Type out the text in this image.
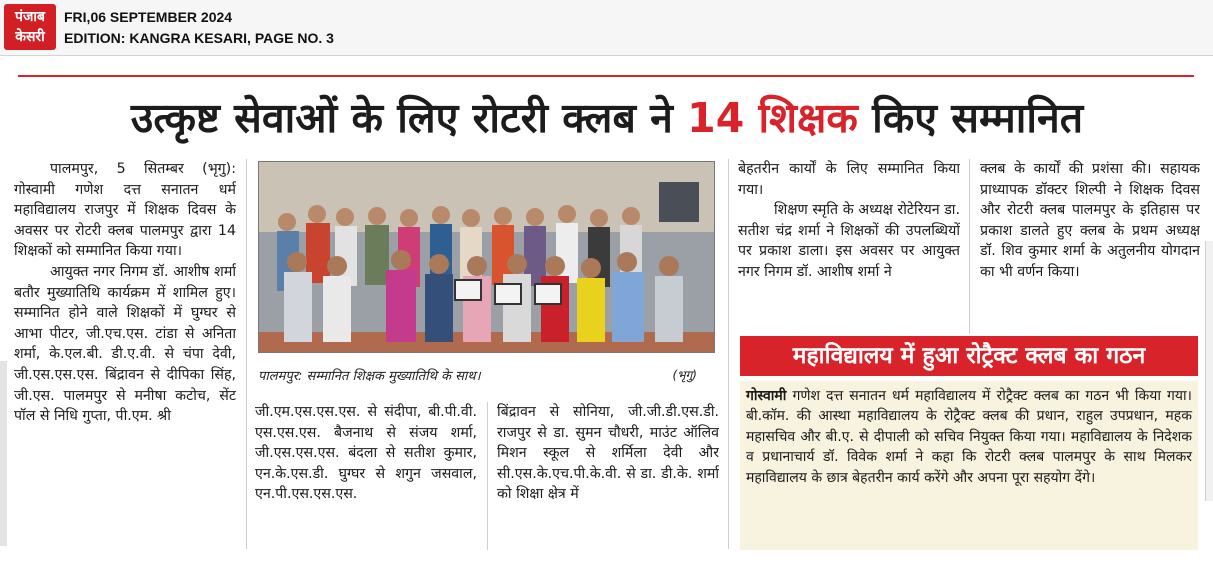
पंजाब
केसरी
FRI,06 SEPTEMBER 2024
EDITION: KANGRA KESARI, PAGE NO. 3
उत्कृष्ट सेवाओं के लिए रोटरी क्लब ने 14 शिक्षक किए सम्मानित

पालमपुर, 5 सितम्बर (भृगु): गोस्वामी गणेश दत्त सनातन धर्म महाविद्यालय राजपुर में शिक्षक दिवस के अवसर पर रोटरी क्लब पालमपुर द्वारा 14 शिक्षकों को सम्मानित किया गया।

आयुक्त नगर निगम डॉ. आशीष शर्मा बतौर मुख्यातिथि कार्यक्रम में शामिल हुए। सम्मानित होने वाले शिक्षकों में घुग्घर से आभा पीटर, जी.एच.एस. टांडा से अनिता शर्मा, के.एल.बी. डी.ए.वी. से चंपा देवी, जी.एस.एस.एस. बिंद्रावन से दीपिका सिंह, जी.एस. पालमपुर से मनीषा कटोच, सेंट पॉल से निधि गुप्ता, पी.एम. श्री

पालमपुर: सम्मानित शिक्षक मुख्यातिथि के साथ।	(भृगु)

जी.एम.एस.एस.एस. से संदीपा, बी.पी.वी. एस.एस.एस. बैजनाथ से संजय शर्मा, जी.एस.एस.एस. बंदला से सतीश कुमार, एन.के.एस.डी. घुग्घर से शगुन जसवाल, एन.पी.एस.एस.एस.

बिंद्रावन से सोनिया, जी.जी.डी.एस.डी. राजपुर से डा. सुमन चौधरी, माउंट ऑलिव मिशन स्कूल से शर्मिला देवी और सी.एस.के.एच.पी.के.वी. से डा. डी.के. शर्मा को शिक्षा क्षेत्र में

बेहतरीन कार्यों के लिए सम्मानित किया गया।

शिक्षण स्मृति के अध्यक्ष रोटेरियन डा. सतीश चंद्र शर्मा ने शिक्षकों की उपलब्धियों पर प्रकाश डाला। इस अवसर पर आयुक्त नगर निगम डॉ. आशीष शर्मा ने

क्लब के कार्यों की प्रशंसा की। सहायक प्राध्यापक डॉक्टर शिल्पी ने शिक्षक दिवस और रोटरी क्लब पालमपुर के इतिहास पर प्रकाश डालते हुए क्लब के प्रथम अध्यक्ष डॉ. शिव कुमार शर्मा के अतुलनीय योगदान का भी वर्णन किया।

महाविद्यालय में हुआ रोट्रैक्ट क्लब का गठन
गोस्वामी गणेश दत्त सनातन धर्म महाविद्यालय में रोट्रैक्ट क्लब का गठन भी किया गया। बी.कॉम. की आस्था महाविद्यालय के रोट्रैक्ट क्लब की प्रधान, राहुल उपप्रधान, महक महासचिव और बी.ए. से दीपाली को सचिव नियुक्त किया गया। महाविद्यालय के निदेशक व प्रधानाचार्य डॉ. विवेक शर्मा ने कहा कि रोटरी क्लब पालमपुर के साथ मिलकर महाविद्यालय के छात्र बेहतरीन कार्य करेंगे और अपना पूरा सहयोग देंगे।
